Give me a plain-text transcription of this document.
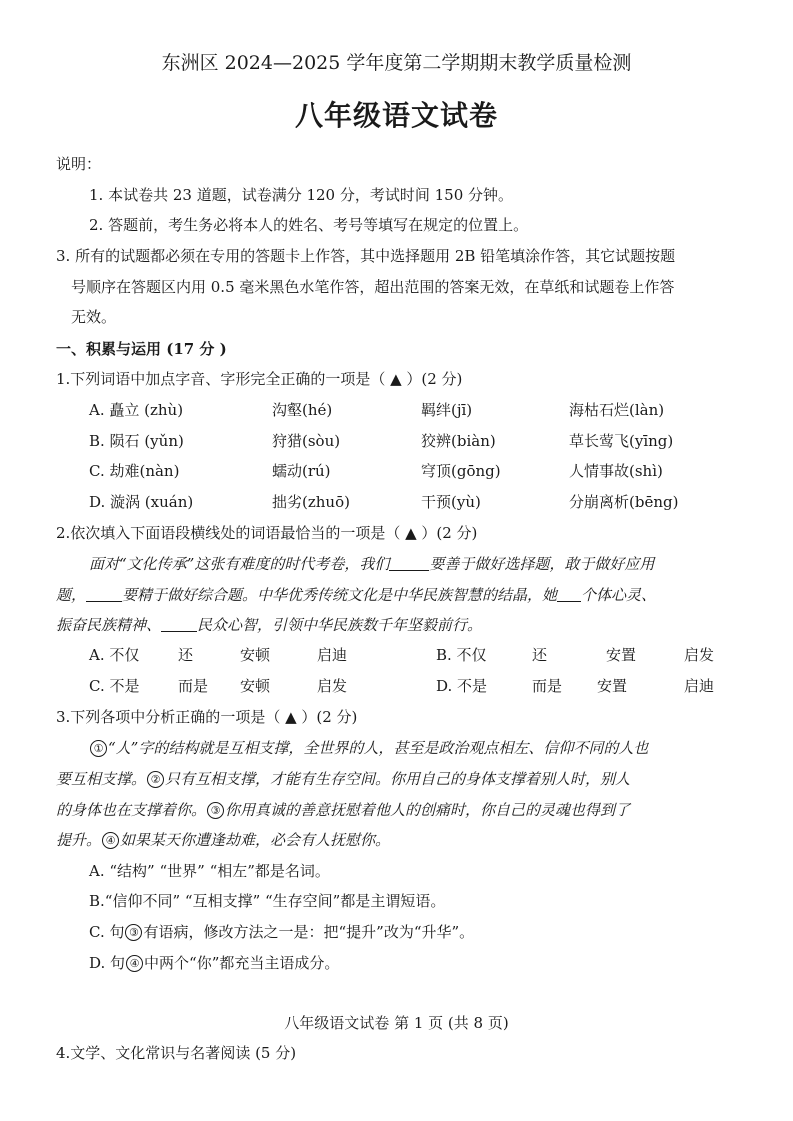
东洲区 2024—2025 学年度第二学期期末教学质量检测
八年级语文试卷
说明：
1. 本试卷共 23 道题，试卷满分 120 分，考试时间 150 分钟。
2. 答题前，考生务必将本人的姓名、考号等填写在规定的位置上。
3. 所有的试题都必须在专用的答题卡上作答，其中选择题用 2B 铅笔填涂作答，其它试题按题
号顺序在答题区内用 0.5 毫米黑色水笔作答，超出范围的答案无效，在草纸和试题卷上作答
无效。
一、积累与运用 (17 分 )
1.下列词语中加点字音、字形完全正确的一项是（ ▲ ）(2 分)
A. 矗立 (zhù)	沟壑(hé)	羁绊(jī)	海枯石烂(làn)
B. 陨石 (yǔn)	狩猎(sòu)	狡辨(biàn)	草长莺飞(yīng)
C. 劫难(nàn)	蠕动(rú)	穹顶(gōng)	人情事故(shì)
D. 漩涡 (xuán)	拙劣(zhuō)	干预(yù)	分崩离析(bēng)
2.依次填入下面语段横线处的词语最恰当的一项是（ ▲ ）(2 分)
面对“文化传承”这张有难度的时代考卷，我们	要善于做好选择题，敢于做好应用
题， 要精于做好综合题。中华优秀传统文化是中华民族智慧的结晶，她 个体心灵、
振奋民族精神、 民众心智，引领中华民族数千年坚毅前行。
A. 不仅	还	安顿	启迪	B. 不仅	还	安置	启发
C. 不是	而是 安顿	启发	D. 不是	而是 安置	启迪
3.下列各项中分析正确的一项是（ ▲ ）(2 分)
① “人”字的结构就是互相支撑，全世界的人，甚至是政治观点相左、信仰不同的人也
要互相支撑。 ② 只有互相支撑，才能有生存空间。你用自己的身体支撑着别人时，别人
的身体也在支撑着你。 ③ 你用真诚的善意抚慰着他人的创痛时，你自己的灵魂也得到了
提升。 ④ 如果某天你遭逢劫难，必会有人抚慰你。
A. “结构” “世界” “相左”都是名词。
B.“信仰不同” “互相支撑” “生存空间”都是主谓短语。
C. 句 ③ 有语病，修改方法之一是：把“提升”改为“升华”。
D. 句 ④ 中两个“你”都充当主语成分。
八年级语文试卷 第 1 页 (共 8 页)
4.文学、文化常识与名著阅读 (5 分)
